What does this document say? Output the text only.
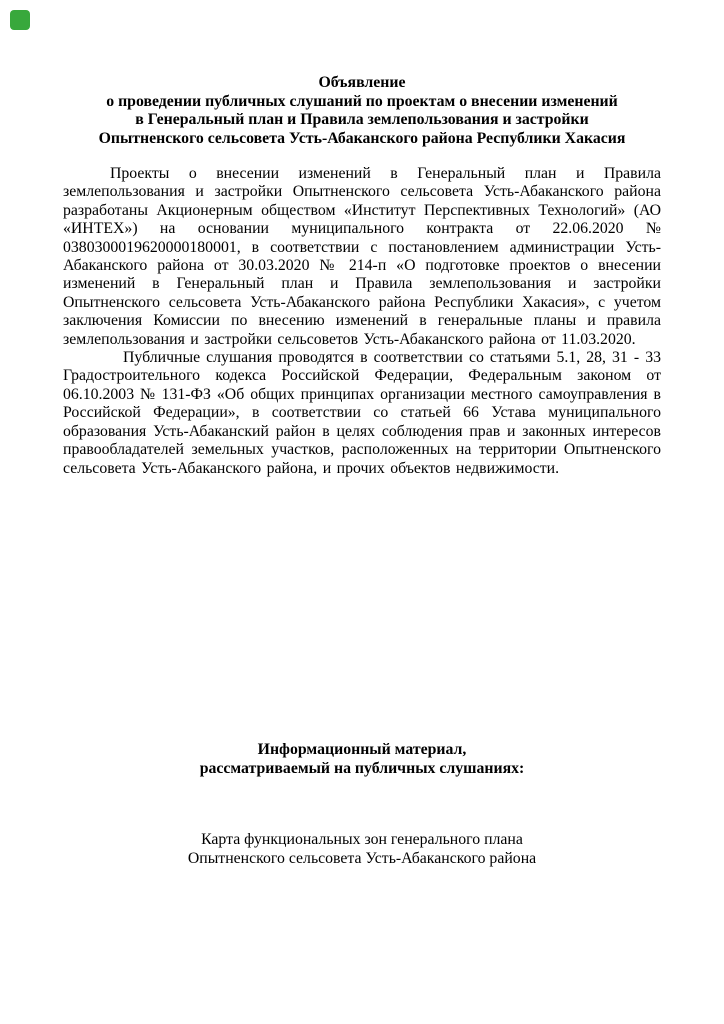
Объявление
о проведении публичных слушаний по проектам о внесении изменений
в Генеральный план и Правила землепользования и застройки
Опытненского сельсовета Усть-Абаканского района Республики Хакасия

Проекты о внесении изменений в Генеральный план и Правила землепользования и застройки Опытненского сельсовета Усть-Абаканского района разработаны Акционерным обществом «Институт Перспективных Технологий» (АО «ИНТЕХ») на основании муниципального контракта от 22.06.2020 № 0380300019620000180001, в соответствии с постановлением администрации Усть-Абаканского района от 30.03.2020 № 214-п «О подготовке проектов о внесении изменений в Генеральный план и Правила землепользования и застройки Опытненского сельсовета Усть-Абаканского района Республики Хакасия», с учетом заключения Комиссии по внесению изменений в генеральные планы и правила землепользования и застройки сельсоветов Усть-Абаканского района от 11.03.2020.

Публичные слушания проводятся в соответствии со статьями 5.1, 28, 31 - 33 Градостроительного кодекса Российской Федерации, Федеральным законом от 06.10.2003 № 131-ФЗ «Об общих принципах организации местного самоуправления в Российской Федерации», в соответствии со статьей 66 Устава муниципального образования Усть-Абаканский район в целях соблюдения прав и законных интересов правообладателей земельных участков, расположенных на территории Опытненского сельсовета Усть-Абаканского района, и прочих объектов недвижимости.

Информационный материал,
рассматриваемый на публичных слушаниях:
Карта функциональных зон генерального плана
Опытненского сельсовета Усть-Абаканского района
